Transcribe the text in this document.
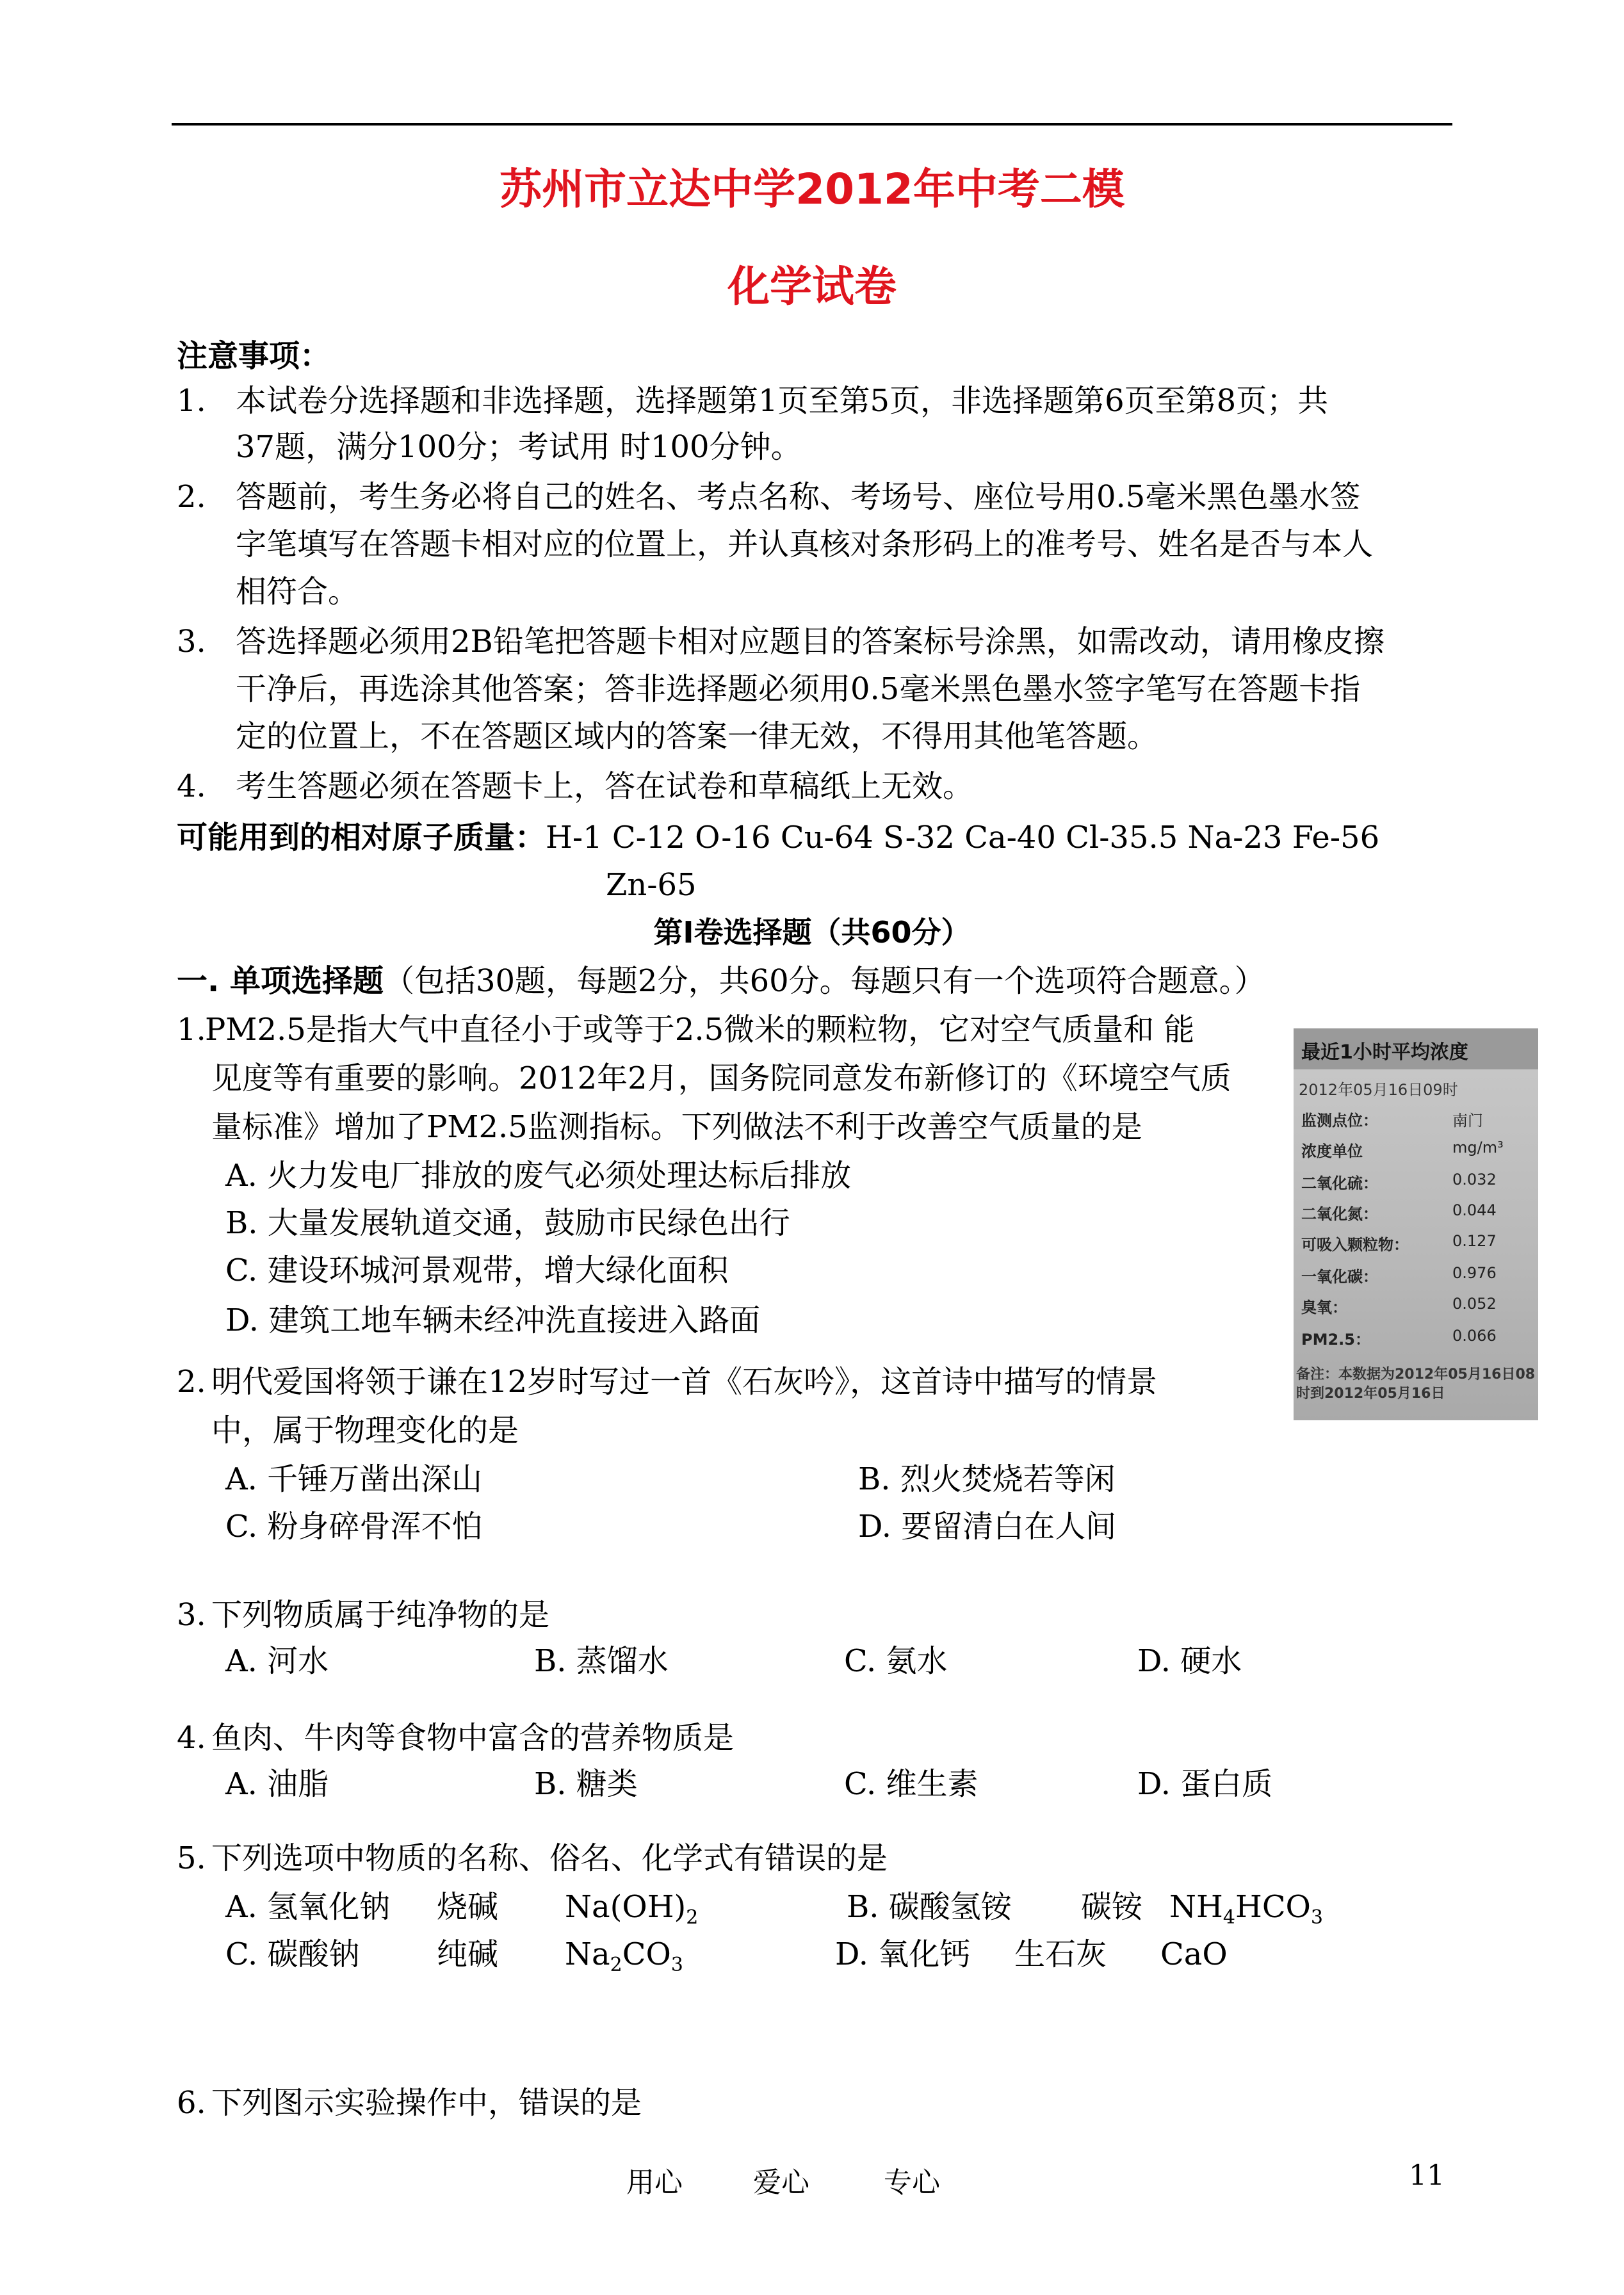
苏州市立达中学2012年中考二模
化学试卷
注意事项：
1. 本试卷分选择题和非选择题，选择题第1页至第5页，非选择题第6页至第8页；共
37题，满分100分；考试用 时100分钟。
2. 答题前，考生务必将自己的姓名、考点名称、考场号、座位号用0.5毫米黑色墨水签
字笔填写在答题卡相对应的位置上，并认真核对条形码上的准考号、姓名是否与本人
相符合。
3. 答选择题必须用2B铅笔把答题卡相对应题目的答案标号涂黑，如需改动，请用橡皮擦
干净后，再选涂其他答案；答非选择题必须用0.5毫米黑色墨水签字笔写在答题卡指
定的位置上，不在答题区域内的答案一律无效，不得用其他笔答题。
4. 考生答题必须在答题卡上，答在试卷和草稿纸上无效。
可能用到的相对原子质量：H-1 C-12 O-16 Cu-64 S-32 Ca-40 Cl-35.5 Na-23 Fe-56
Zn-65
第Ⅰ卷选择题（共60分）
一. 单项选择题（包括30题，每题2分，共60分。每题只有一个选项符合题意。）
1.PM2.5是指大气中直径小于或等于2.5微米的颗粒物，它对空气质量和 能
见度等有重要的影响。2012年2月，国务院同意发布新修订的《环境空气质
量标准》增加了PM2.5监测指标。下列做法不利于改善空气质量的是
A. 火力发电厂排放的废气必须处理达标后排放
B. 大量发展轨道交通，鼓励市民绿色出行
C. 建设环城河景观带，增大绿化面积
D. 建筑工地车辆未经冲洗直接进入路面
最近1小时平均浓度
2012年05月16日09时
监测点位：	南门
浓度单位	mg/m³
二氧化硫：	0.032
二氧化氮：	0.044
可吸入颗粒物：	0.127
一氧化碳：	0.976
臭氧：	0.052
PM2.5：	0.066
备注：本数据为2012年05月16日08时到2012年05月16日
2. 明代爱国将领于谦在12岁时写过一首《石灰吟》，这首诗中描写的情景
中，属于物理变化的是
A. 千锤万凿出深山	B. 烈火焚烧若等闲
C. 粉身碎骨浑不怕	D. 要留清白在人间
3. 下列物质属于纯净物的是
A. 河水	B. 蒸馏水	C. 氨水	D. 硬水
4. 鱼肉、牛肉等食物中富含的营养物质是
A. 油脂	B. 糖类	C. 维生素	D. 蛋白质
5. 下列选项中物质的名称、俗名、化学式有错误的是
A. 氢氧化钠 烧碱 $Na(OH)_2$	B. 碳酸氢铵 碳铵 $NH_4HCO_3$
C. 碳酸钠	纯碱 $Na_2CO_3$	D. 氧化钙 生石灰 CaO
6. 下列图示实验操作中，错误的是
用心	爱心	专心	11
